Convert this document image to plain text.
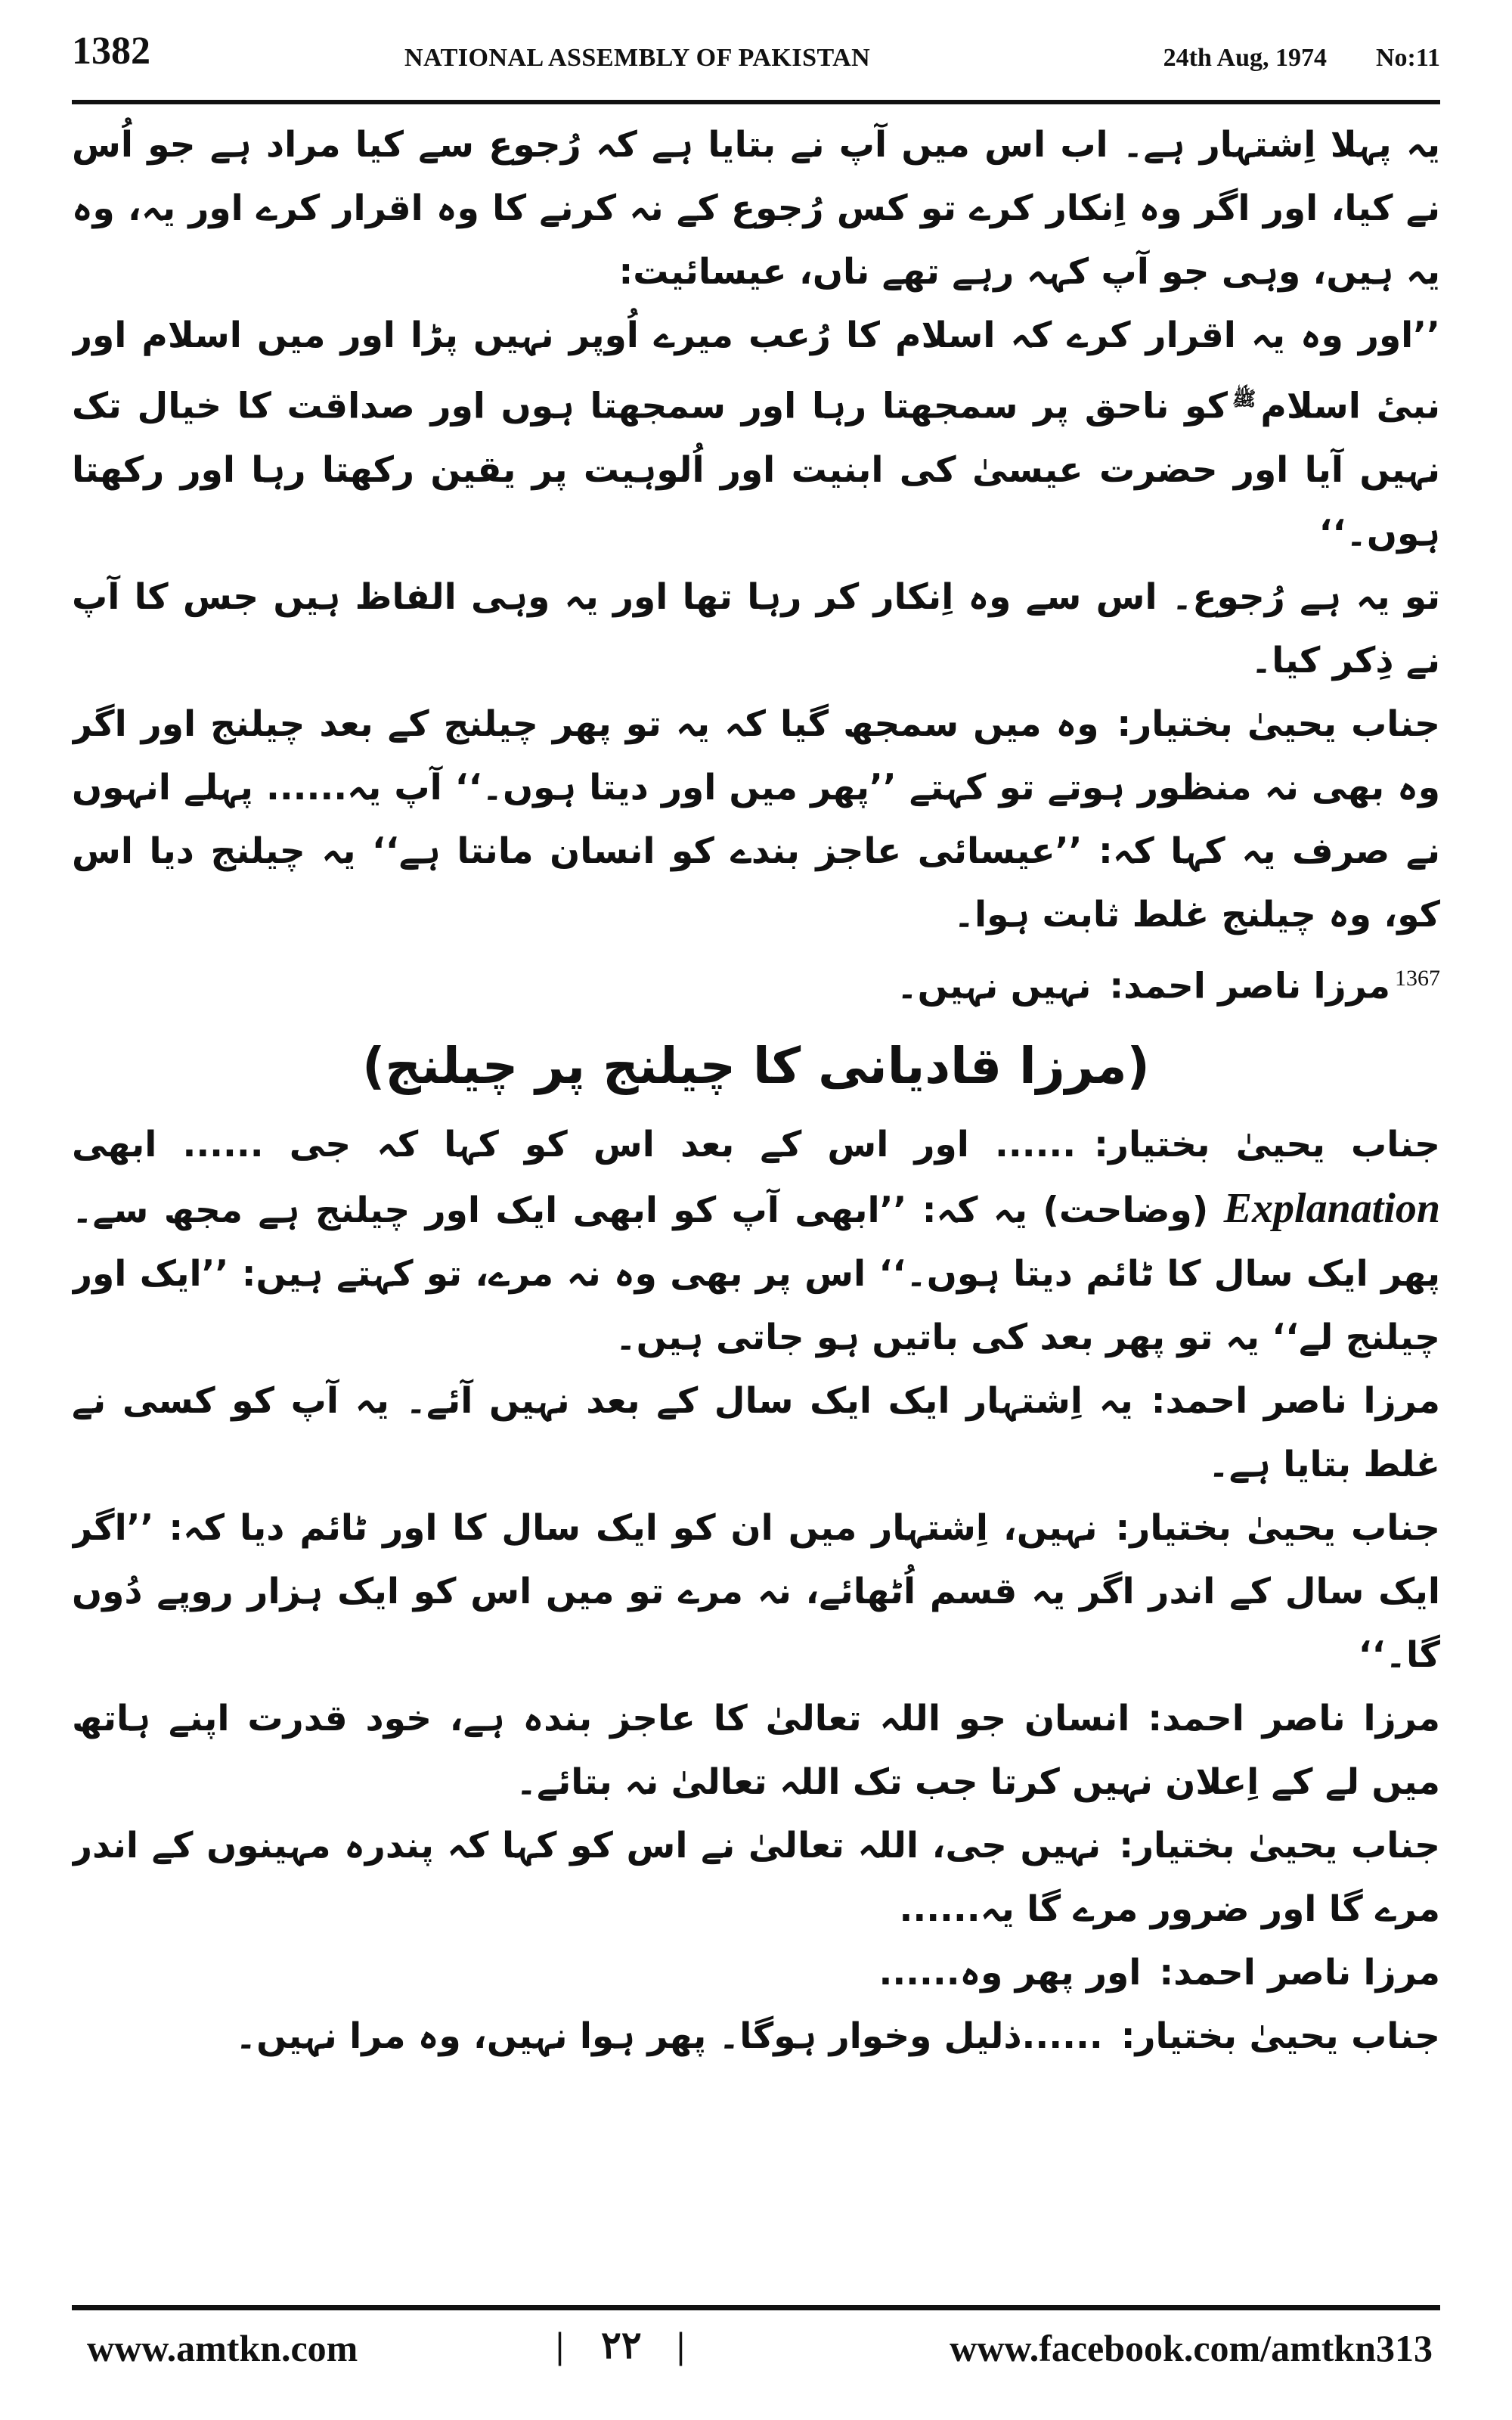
1382	NATIONAL ASSEMBLY OF PAKISTAN	24th Aug, 1974 No:11

یہ پہلا اِشتہار ہے۔ اب اس میں آپ نے بتایا ہے کہ رُجوع سے کیا مراد ہے جو اُس نے کیا، اور اگر وہ اِنکار کرے تو کس رُجوع کے نہ کرنے کا وہ اقرار کرے اور یہ، وہ یہ ہیں، وہی جو آپ کہہ رہے تھے ناں، عیسائیت:

’’اور وہ یہ اقرار کرے کہ اسلام کا رُعب میرے اُوپر نہیں پڑا اور میں اسلام اور نبیٔ اسلام$^ﷺ$کو ناحق پر سمجھتا رہا اور سمجھتا ہوں اور صداقت کا خیال تک نہیں آیا اور حضرت عیسیٰ کی ابنیت اور اُلوہیت پر یقین رکھتا رہا اور رکھتا ہوں۔‘‘

تو یہ ہے رُجوع۔ اس سے وہ اِنکار کر رہا تھا اور یہ وہی الفاظ ہیں جس کا آپ نے ذِکر کیا۔

جناب یحییٰ بختیار:وہ میں سمجھ گیا کہ یہ تو پھر چیلنج کے بعد چیلنج اور اگر وہ بھی نہ منظور ہوتے تو کہتے ’’پھر میں اور دیتا ہوں۔‘‘ آپ یہ...... پہلے انہوں نے صرف یہ کہا کہ: ’’عیسائی عاجز بندے کو انسان مانتا ہے‘‘ یہ چیلنج دیا اس کو، وہ چیلنج غلط ثابت ہوا۔

$^{1367}$مرزا ناصر احمد:نہیں نہیں۔

(مرزا قادیانی کا چیلنج پر چیلنج)

جناب یحییٰ بختیار:...... اور اس کے بعد اس کو کہا کہ جی ...... ابھی Explanation (وضاحت) یہ کہ: ’’ابھی آپ کو ابھی ایک اور چیلنج ہے مجھ سے۔ پھر ایک سال کا ٹائم دیتا ہوں۔‘‘ اس پر بھی وہ نہ مرے، تو کہتے ہیں: ’’ایک اور چیلنج لے‘‘ یہ تو پھر بعد کی باتیں ہو جاتی ہیں۔

مرزا ناصر احمد:یہ اِشتہار ایک ایک سال کے بعد نہیں آئے۔ یہ آپ کو کسی نے غلط بتایا ہے۔

جناب یحییٰ بختیار:نہیں، اِشتہار میں ان کو ایک سال کا اور ٹائم دیا کہ: ’’اگر ایک سال کے اندر اگر یہ قسم اُٹھائے، نہ مرے تو میں اس کو ایک ہزار روپے دُوں گا۔‘‘

مرزا ناصر احمد:انسان جو اللہ تعالیٰ کا عاجز بندہ ہے، خود قدرت اپنے ہاتھ میں لے کے اِعلان نہیں کرتا جب تک اللہ تعالیٰ نہ بتائے۔

جناب یحییٰ بختیار:نہیں جی، اللہ تعالیٰ نے اس کو کہا کہ پندرہ مہینوں کے اندر مرے گا اور ضرور مرے گا یہ......

مرزا ناصر احمد:اور پھر وہ......

جناب یحییٰ بختیار:......ذلیل وخوار ہوگا۔ پھر ہوا نہیں، وہ مرا نہیں۔

www.amtkn.com	| ۲۲ |	www.facebook.com/amtkn313
